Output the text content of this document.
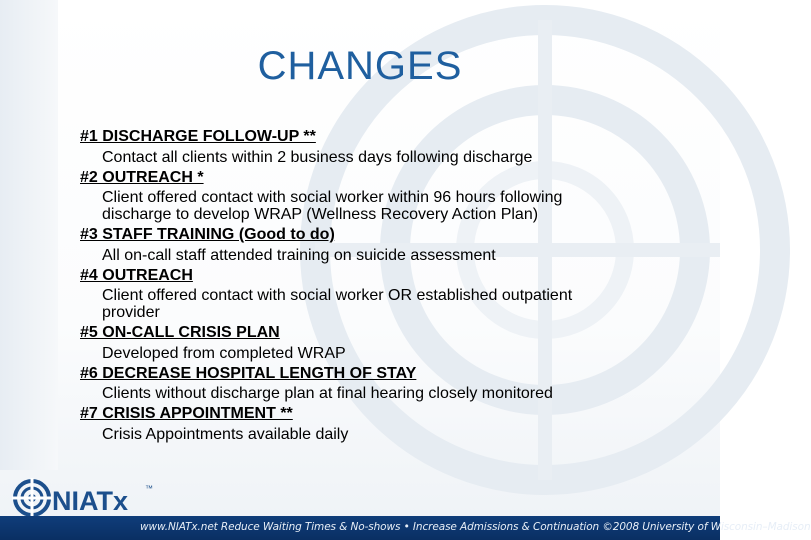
CHANGES
#1 DISCHARGE FOLLOW-UP **
Contact all clients within 2 business days following discharge
#2 OUTREACH *
Client offered contact with social worker within 96 hours following
discharge to develop WRAP (Wellness Recovery Action Plan)
#3 STAFF TRAINING (Good to do)
All on-call staff attended training on suicide assessment
#4 OUTREACH
Client offered contact with social worker OR established outpatient
provider
#5 ON-CALL CRISIS PLAN
Developed from completed WRAP
#6 DECREASE HOSPITAL LENGTH OF STAY
Clients without discharge plan at final hearing closely monitored
#7 CRISIS APPOINTMENT **
Crisis Appointments available daily
NIATx ™
www.NIATx.net Reduce Waiting Times & No-shows • Increase Admissions & Continuation ©2008 University of Wisconsin–Madison
